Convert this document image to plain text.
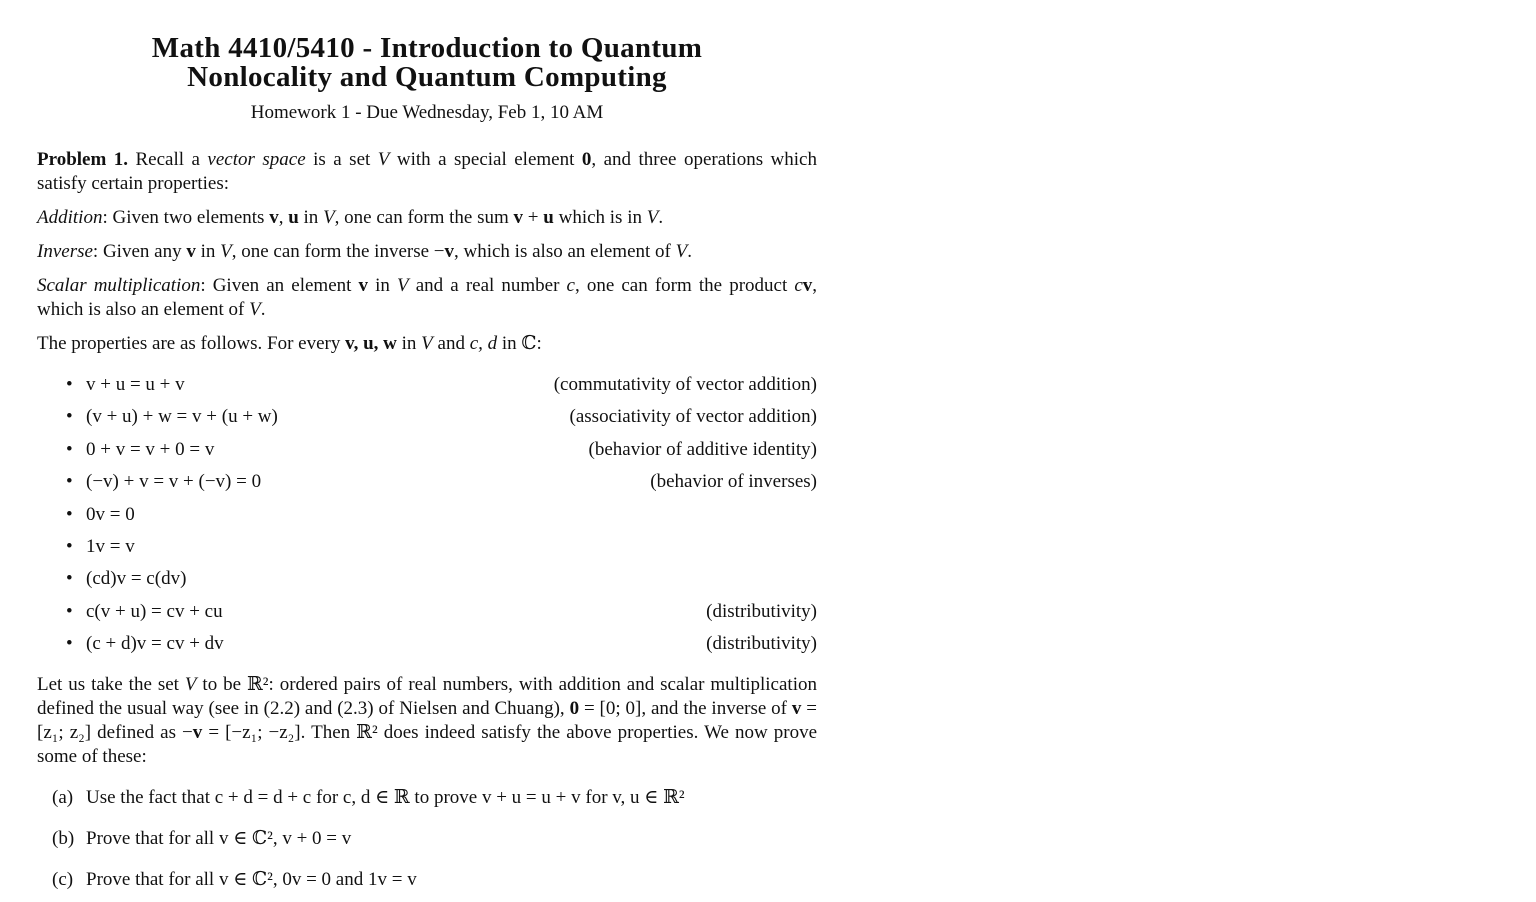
Math 4410/5410 - Introduction to Quantum
Nonlocality and Quantum Computing
Homework 1 - Due Wednesday, Feb 1, 10 AM
Problem 1. Recall a vector space is a set V with a special element 0, and three operations which satisfy certain properties:
Addition: Given two elements v, u in V, one can form the sum v + u which is in V.
Inverse: Given any v in V, one can form the inverse −v, which is also an element of V.
Scalar multiplication: Given an element v in V and a real number c, one can form the product cv, which is also an element of V.
The properties are as follows. For every v, u, w in V and c, d in ℂ:
• v + u = u + v	(commutativity of vector addition)
• (v + u) + w = v + (u + w)	(associativity of vector addition)
• 0 + v = v + 0 = v	(behavior of additive identity)
• (−v) + v = v + (−v) = 0	(behavior of inverses)
• 0v = 0
• 1v = v
• (cd)v = c(dv)
• c(v + u) = cv + cu	(distributivity)
• (c + d)v = cv + dv	(distributivity)
Let us take the set V to be ℝ²: ordered pairs of real numbers, with addition and scalar multiplication defined the usual way (see in (2.2) and (2.3) of Nielsen and Chuang), 0 = [0; 0], and the inverse of v = [z₁; z₂] defined as −v = [−z₁; −z₂]. Then ℝ² does indeed satisfy the above properties. We now prove some of these:
(a) Use the fact that c + d = d + c for c, d ∈ ℝ to prove v + u = u + v for v, u ∈ ℝ²
(b) Prove that for all v ∈ ℂ², v + 0 = v
(c) Prove that for all v ∈ ℂ², 0v = 0 and 1v = v
